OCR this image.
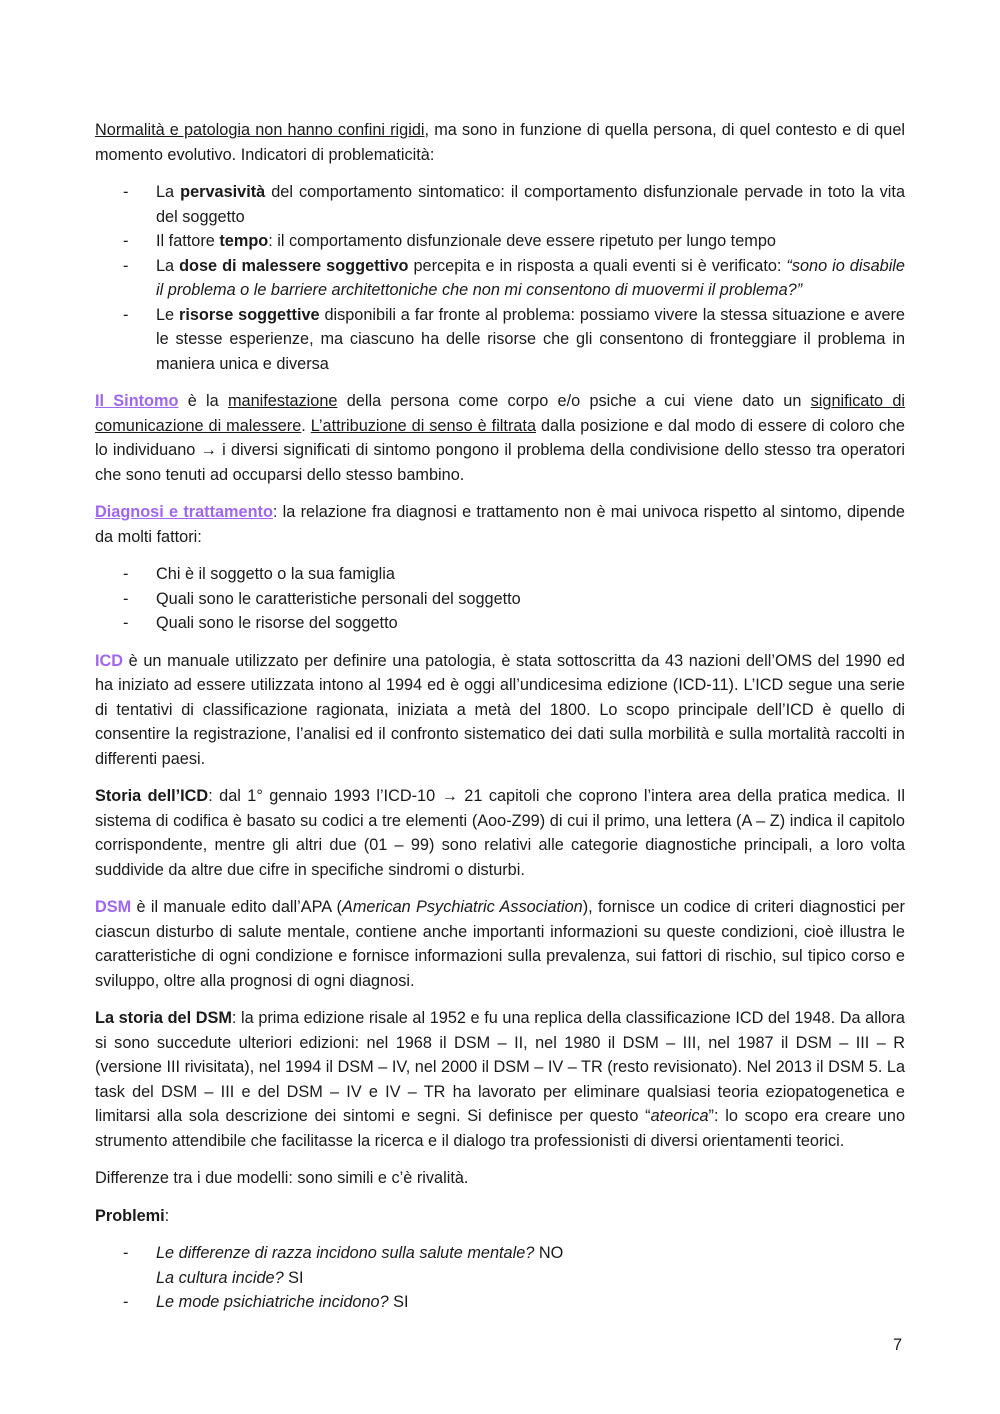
Normalità e patologia non hanno confini rigidi, ma sono in funzione di quella persona, di quel contesto e di quel momento evolutivo. Indicatori di problematicità:

- La pervasività del comportamento sintomatico: il comportamento disfunzionale pervade in toto la vita del soggetto
- Il fattore tempo: il comportamento disfunzionale deve essere ripetuto per lungo tempo
- La dose di malessere soggettivo percepita e in risposta a quali eventi si è verificato: “sono io disabile il problema o le barriere architettoniche che non mi consentono di muovermi il problema?”
- Le risorse soggettive disponibili a far fronte al problema: possiamo vivere la stessa situazione e avere le stesse esperienze, ma ciascuno ha delle risorse che gli consentono di fronteggiare il problema in maniera unica e diversa

Il Sintomo è la manifestazione della persona come corpo e/o psiche a cui viene dato un significato di comunicazione di malessere. L’attribuzione di senso è filtrata dalla posizione e dal modo di essere di coloro che lo individuano → i diversi significati di sintomo pongono il problema della condivisione dello stesso tra operatori che sono tenuti ad occuparsi dello stesso bambino.

Diagnosi e trattamento: la relazione fra diagnosi e trattamento non è mai univoca rispetto al sintomo, dipende da molti fattori:

- Chi è il soggetto o la sua famiglia
- Quali sono le caratteristiche personali del soggetto
- Quali sono le risorse del soggetto

ICD è un manuale utilizzato per definire una patologia, è stata sottoscritta da 43 nazioni dell’OMS del 1990 ed ha iniziato ad essere utilizzata intono al 1994 ed è oggi all’undicesima edizione (ICD-11). L’ICD segue una serie di tentativi di classificazione ragionata, iniziata a metà del 1800. Lo scopo principale dell’ICD è quello di consentire la registrazione, l’analisi ed il confronto sistematico dei dati sulla morbilità e sulla mortalità raccolti in differenti paesi.

Storia dell’ICD: dal 1° gennaio 1993 l’ICD-10 → 21 capitoli che coprono l’intera area della pratica medica. Il sistema di codifica è basato su codici a tre elementi (Aoo-Z99) di cui il primo, una lettera (A – Z) indica il capitolo corrispondente, mentre gli altri due (01 – 99) sono relativi alle categorie diagnostiche principali, a loro volta suddivide da altre due cifre in specifiche sindromi o disturbi.

DSM è il manuale edito dall’APA (American Psychiatric Association), fornisce un codice di criteri diagnostici per ciascun disturbo di salute mentale, contiene anche importanti informazioni su queste condizioni, cioè illustra le caratteristiche di ogni condizione e fornisce informazioni sulla prevalenza, sui fattori di rischio, sul tipico corso e sviluppo, oltre alla prognosi di ogni diagnosi.

La storia del DSM: la prima edizione risale al 1952 e fu una replica della classificazione ICD del 1948. Da allora si sono succedute ulteriori edizioni: nel 1968 il DSM – II, nel 1980 il DSM – III, nel 1987 il DSM – III – R (versione III rivisitata), nel 1994 il DSM – IV, nel 2000 il DSM – IV – TR (resto revisionato). Nel 2013 il DSM 5. La task del DSM – III e del DSM – IV e IV – TR ha lavorato per eliminare qualsiasi teoria eziopatogenetica e limitarsi alla sola descrizione dei sintomi e segni. Si definisce per questo “ateorica”: lo scopo era creare uno strumento attendibile che facilitasse la ricerca e il dialogo tra professionisti di diversi orientamenti teorici.

Differenze tra i due modelli: sono simili e c’è rivalità.

Problemi:

- Le differenze di razza incidono sulla salute mentale? NO
La cultura incide? SI
- Le mode psichiatriche incidono? SI
7
